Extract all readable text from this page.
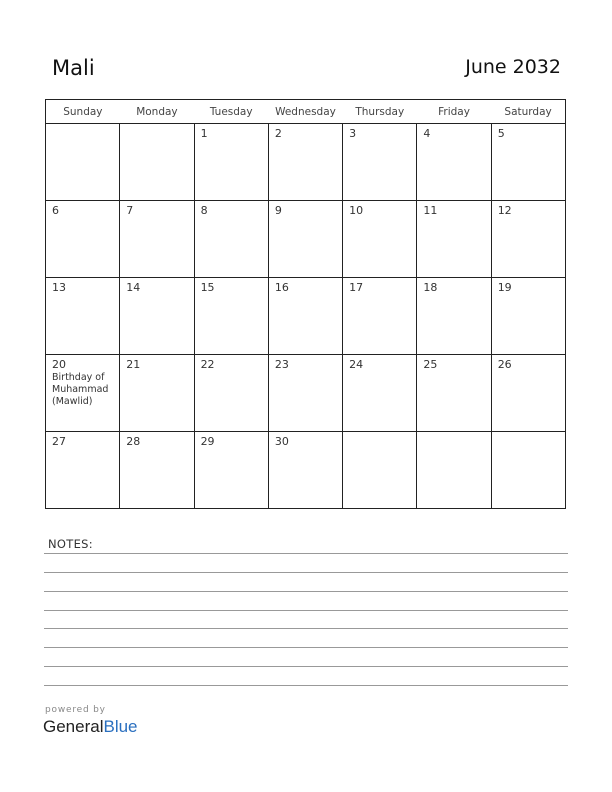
Mali	June 2032
Sunday	Monday	Tuesday	Wednesday	Thursday	Friday	Saturday

		1	2	3	4	5

6	7	8	9	10	11	12

13	14	15	16	17	18	19

20
Birthday of Muhammad (Mawlid)	21	22	23	24	25	26

27	28	29	30			

NOTES:
powered by
GeneralBlue
